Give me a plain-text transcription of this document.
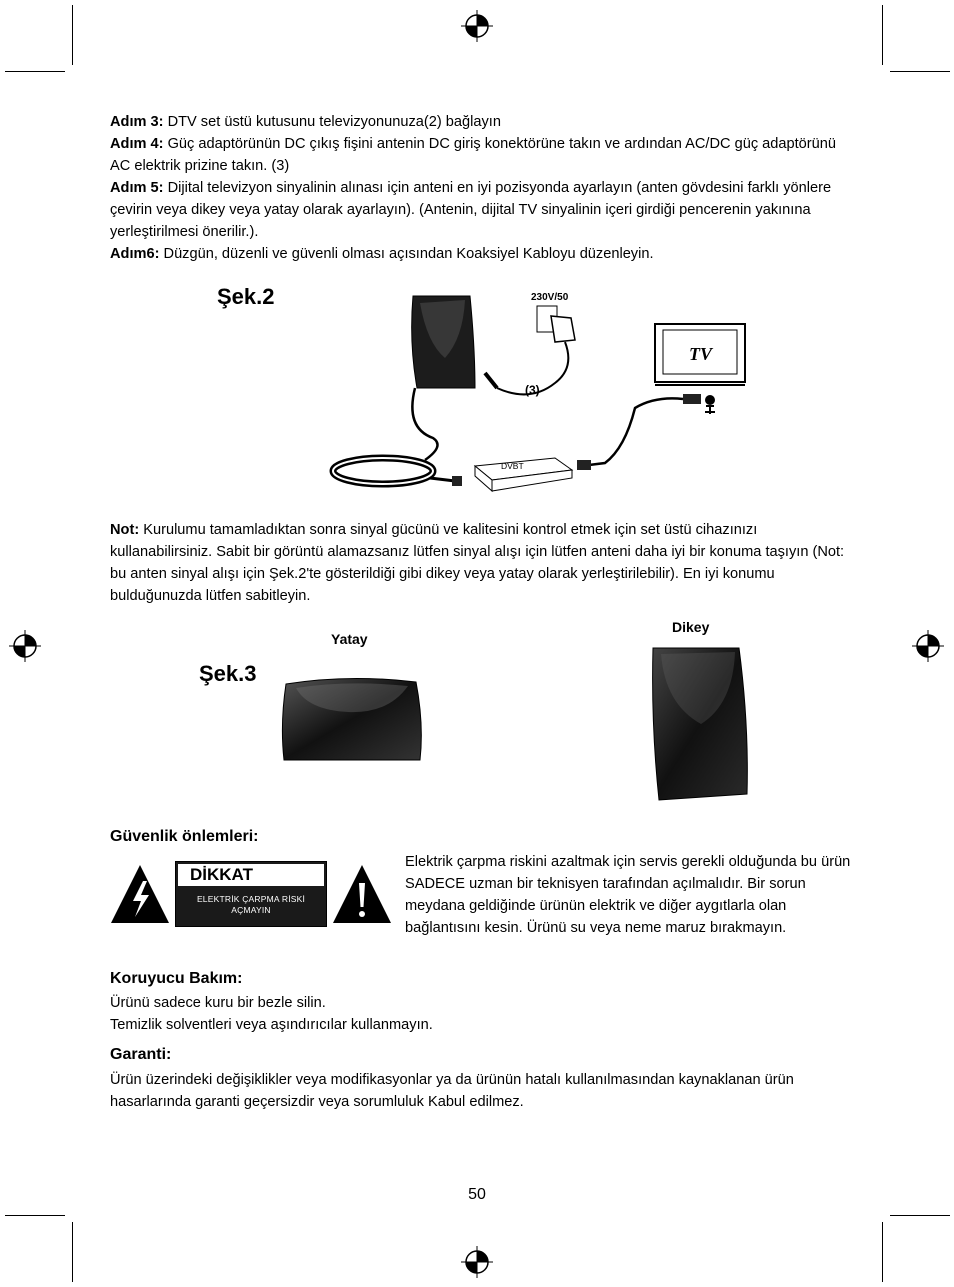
Adım 3: DTV set üstü kutusunu televizyonunuza(2) bağlayın

Adım 4: Güç adaptörünün DC çıkış fişini antenin DC giriş konektörüne takın ve ardından AC/DC güç adaptörünü AC elektrik prizine takın. (3)

Adım 5: Dijital televizyon sinyalinin alınası için anteni en iyi pozisyonda ayarlayın (anten gövdesini farklı yönlere çevirin veya dikey veya yatay olarak ayarlayın). (Antenin, dijital TV sinyalinin içeri girdiği pencerenin yakınına yerleştirilmesi önerilir.).

Adım6: Düzgün, düzenli ve güvenli olması açısından Koaksiyel Kabloyu düzenleyin.

Şek.2	230V/50
(3)
TV
DVBT

Not: Kurulumu tamamladıktan sonra sinyal gücünü ve kalitesini kontrol etmek için set üstü cihazınızı kullanabilirsiniz. Sabit bir görüntü alamazsanız lütfen sinyal alışı için lütfen anteni daha iyi bir konuma taşıyın (Not: bu anten sinyal alışı için Şek.2'te gösterildiği gibi dikey veya yatay olarak yerleştirilebilir). En iyi konumu bulduğunuzda lütfen sabitleyin.

Şek.3
Yatay
Dikey
Güvenlik önlemleri:
DİKKAT
ELEKTRİK ÇARPMA RİSKİ
AÇMAYIN
Elektrik çarpma riskini azaltmak için servis gerekli olduğunda bu ürün SADECE uzman bir teknisyen tarafından açılmalıdır. Bir sorun meydana geldiğinde ürünün elektrik ve diğer aygıtlarla olan bağlantısını kesin. Ürünü su veya neme maruz bırakmayın.
Koruyucu Bakım:
Ürünü sadece kuru bir bezle silin.
Temizlik solventleri veya aşındırıcılar kullanmayın.
Garanti:

Ürün üzerindeki değişiklikler veya modifikasyonlar ya da ürünün hatalı kullanılmasından kaynaklanan ürün hasarlarında garanti geçersizdir veya sorumluluk Kabul edilmez.

50
